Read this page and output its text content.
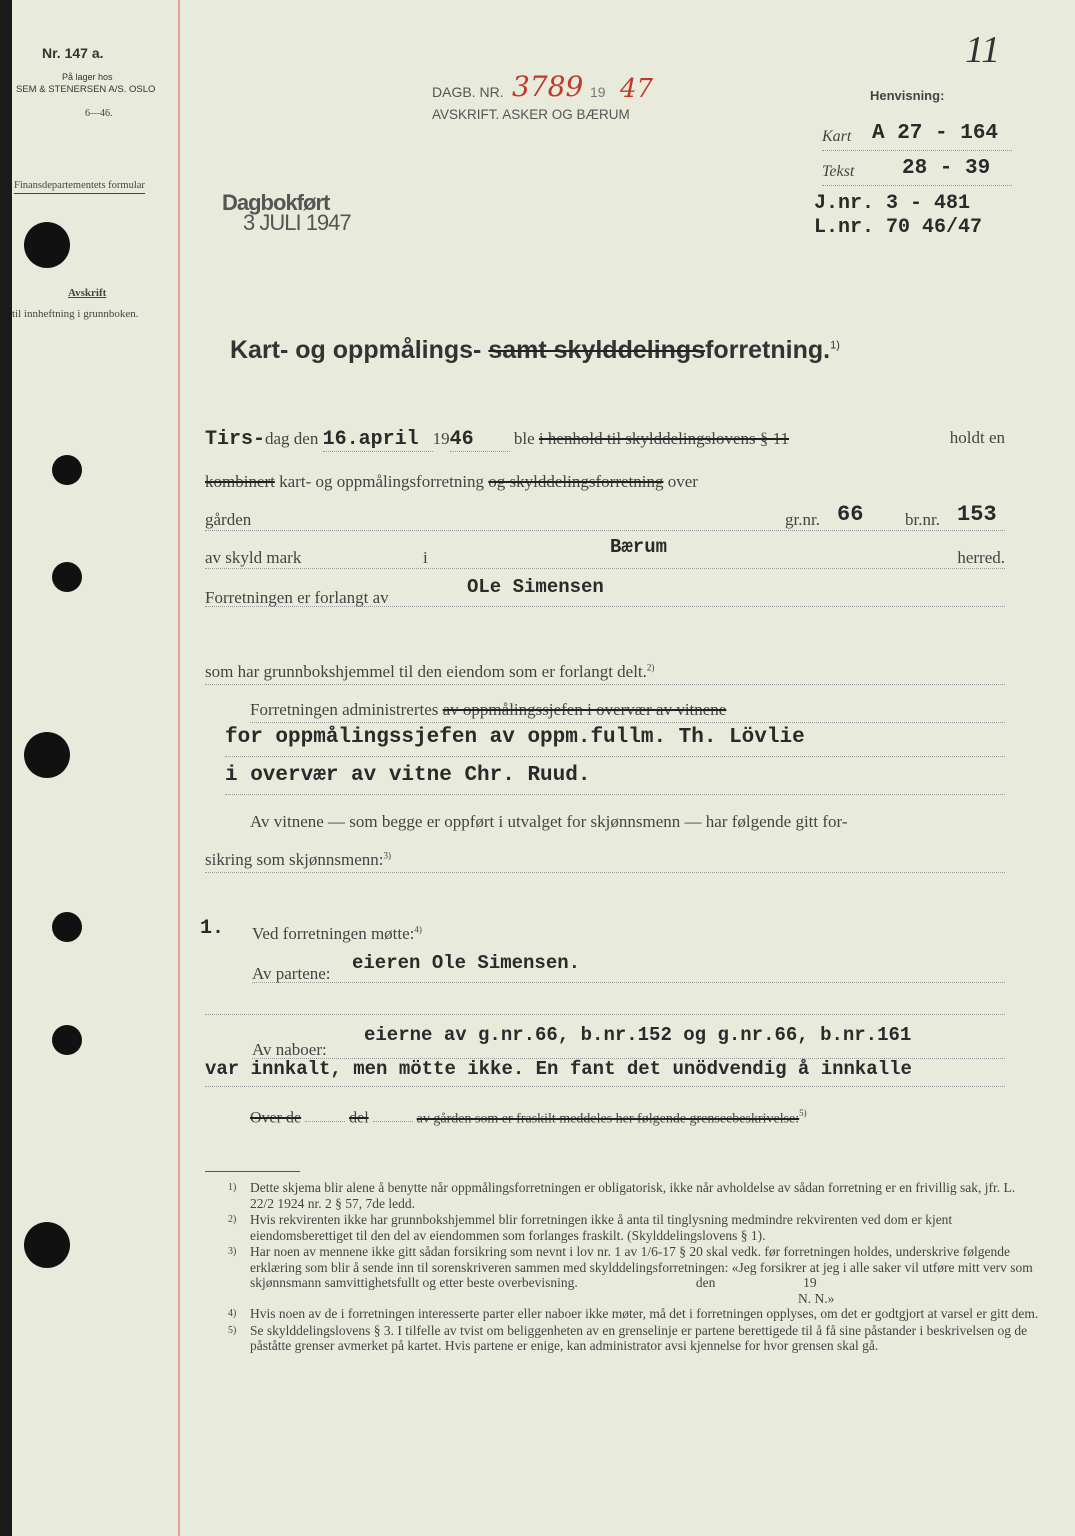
Nr. 147 a.
På lager hos
SEM & STENERSEN A/S. OSLO
6—46.
Finansdepartementets formular
Avskrift
til innheftning i grunnboken.
DAGB. NR. 3789 19 47
AVSKRIFT. ASKER OG BÆRUM
11
Dagbokført
3 JULI 1947
Henvisning:
Kart A 27 - 164
Tekst 28 - 39
J.nr. 3 - 481
L.nr. 70 46/47
Kart- og oppmålings- samt skylddelingsforretning.$^{1)}$
Tirs-dag den 16.april 1946 ble i henhold til skylddelingslovens § 11	holdt en
kombinert kart- og oppmålingsforretning og skylddelingsforretning over
gården	gr.nr. 66 br.nr. 153
av skyld mark	i	Bærum	herred.
Forretningen er forlangt av	OLe Simensen
som har grunnbokshjemmel til den eiendom som er forlangt delt.$^{2)}$
Forretningen administrertes av oppmålingssjefen i overvær av vitnene
for oppmålingssjefen av oppm.fullm. Th. Lövlie
i overvær av vitne Chr. Ruud.
Av vitnene — som begge er oppført i utvalget for skjønnsmenn — har følgende gitt for-
sikring som skjønnsmenn:$^{3)}$
1. Ved forretningen møtte:$^{4)}$
Av partene: eieren Ole Simensen.
Av naboer:
eierne av g.nr.66, b.nr.152 og g.nr.66, b.nr.161
var innkalt, men mötte ikke. En fant det unödvendig å innkalle
Over de	del	av gården som er fraskilt meddeles her følgende grenseebeskrivelse:$^{5)}$
1) Dette skjema blir alene å benytte når oppmålingsforretningen er obligatorisk, ikke når avholdelse av sådan forretning er en frivillig sak, jfr. L. 22/2 1924 nr. 2 § 57, 7de ledd.
2) Hvis rekvirenten ikke har grunnbokshjemmel blir forretningen ikke å anta til tinglysning medmindre rekvirenten ved dom er kjent eiendomsberettiget til den del av eiendommen som forlanges fraskilt. (Skylddelingslovens § 1).
3) Har noen av mennene ikke gitt sådan forsikring som nevnt i lov nr. 1 av 1/6-17 § 20 skal vedk. før forretningen holdes, underskrive følgende erklæring som blir å sende inn til sorenskriveren sammen med skylddelingsforretningen: «Jeg forsikrer at jeg i alle saker vil utføre mitt verv som skjønnsmann samvittighetsfullt og etter beste overbevisning.                                   den                          19
N. N.»
4) Hvis noen av de i forretningen interesserte parter eller naboer ikke møter, må det i forretningen opplyses, om det er godtgjort at varsel er gitt dem.
5) Se skylddelingslovens § 3. I tilfelle av tvist om beliggenheten av en grenselinje er partene berettigede til å få sine påstander i beskrivelsen og de påståtte grenser avmerket på kartet. Hvis partene er enige, kan administrator avsi kjennelse for hvor grensen skal gå.
